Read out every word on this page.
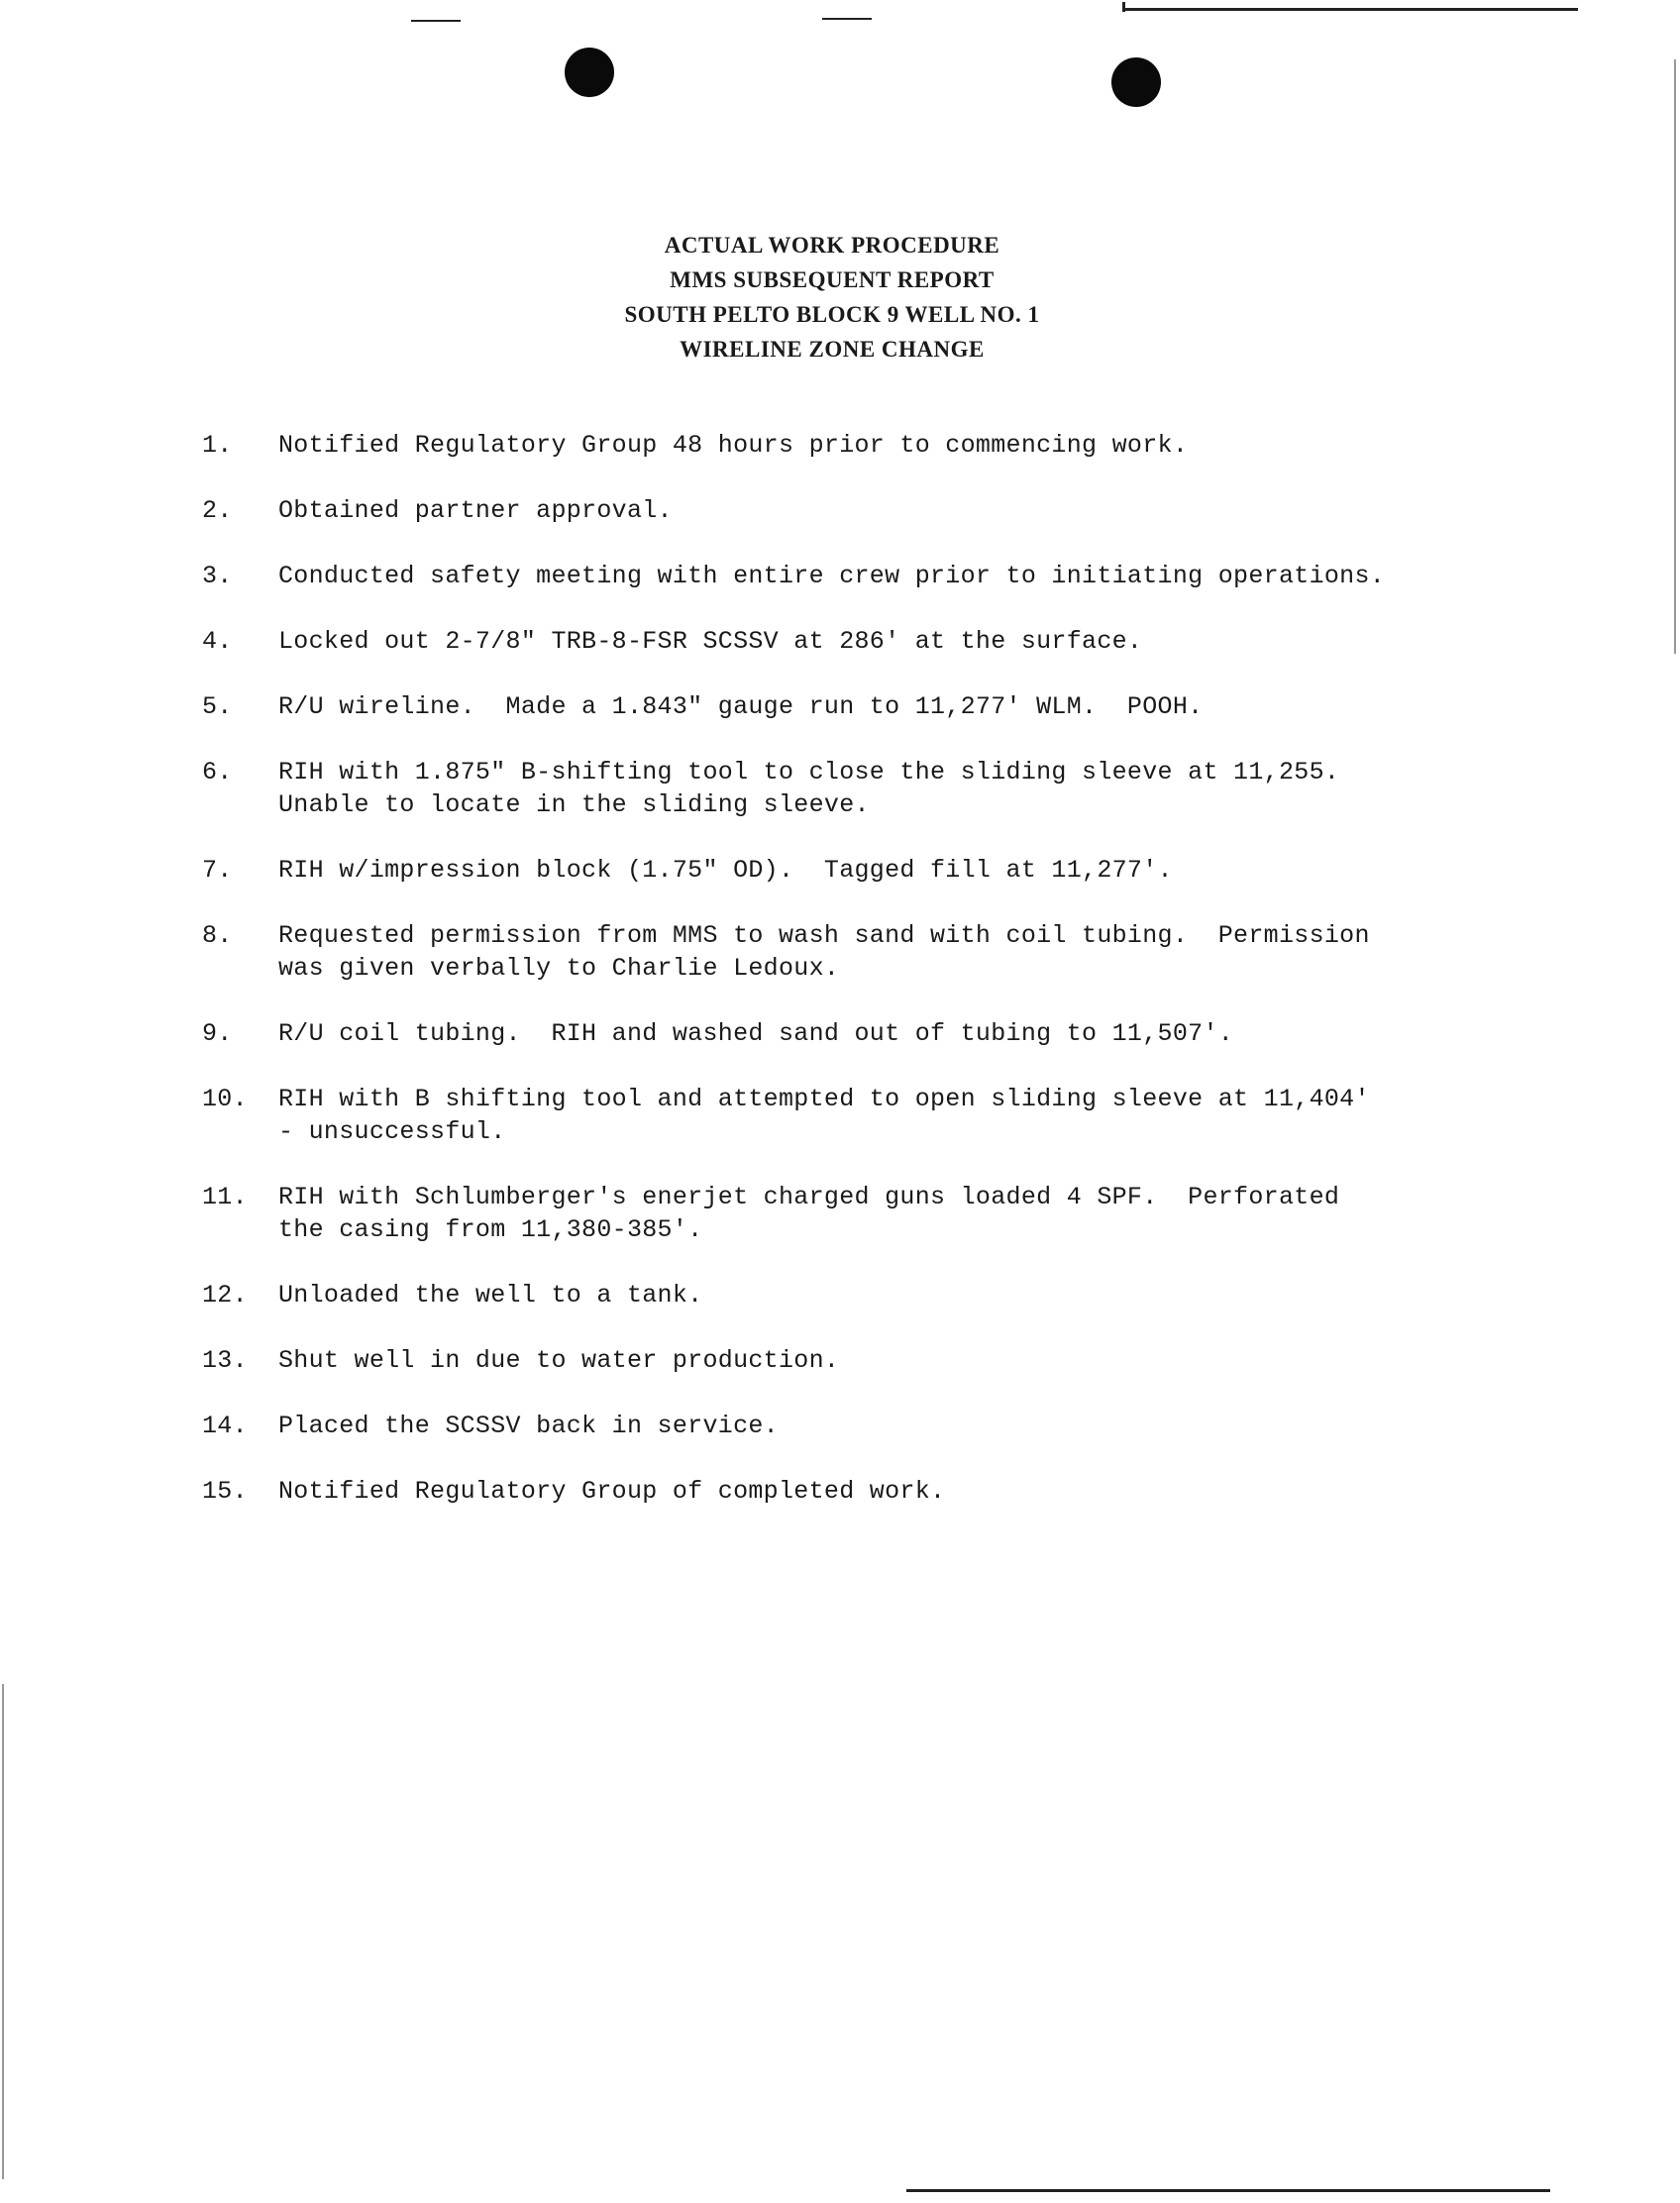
ACTUAL WORK PROCEDURE
MMS SUBSEQUENT REPORT
SOUTH PELTO BLOCK 9 WELL NO. 1
WIRELINE ZONE CHANGE
1.	Notified Regulatory Group 48 hours prior to commencing work.
2.	Obtained partner approval.
3.	Conducted safety meeting with entire crew prior to initiating operations.
4.	Locked out 2-7/8" TRB-8-FSR SCSSV at 286' at the surface.
5.	R/U wireline.  Made a 1.843" gauge run to 11,277' WLM.  POOH.
6.	RIH with 1.875" B-shifting tool to close the sliding sleeve at 11,255.
Unable to locate in the sliding sleeve.
7.	RIH w/impression block (1.75" OD).  Tagged fill at 11,277'.
8.	Requested permission from MMS to wash sand with coil tubing.  Permission
was given verbally to Charlie Ledoux.
9.	R/U coil tubing.  RIH and washed sand out of tubing to 11,507'.
10.	RIH with B shifting tool and attempted to open sliding sleeve at 11,404'
- unsuccessful.
11.	RIH with Schlumberger's enerjet charged guns loaded 4 SPF.  Perforated
the casing from 11,380-385'.
12.	Unloaded the well to a tank.
13.	Shut well in due to water production.
14.	Placed the SCSSV back in service.
15.	Notified Regulatory Group of completed work.
